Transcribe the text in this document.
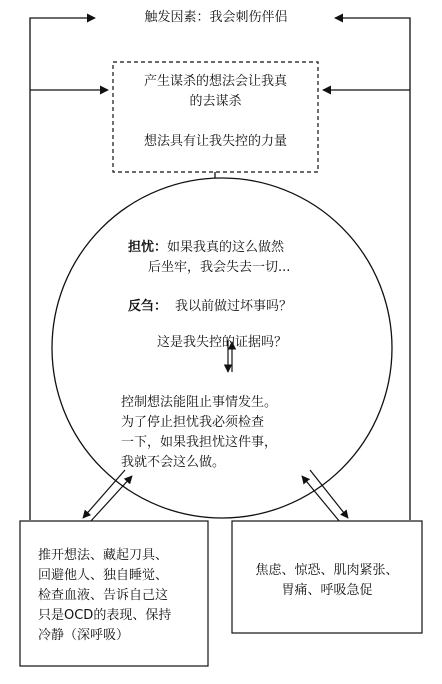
触发因素：我会刺伤伴侣
产生谋杀的想法会让我真
的去谋杀
想法具有让我失控的力量
担忧：如果我真的这么做然
后坐牢，我会失去一切...
反刍： 我以前做过坏事吗？
这是我失控的证据吗？
控制想法能阻止事情发生。
为了停止担忧我必须检查
一下，如果我担忧这件事，
我就不会这么做。
推开想法、藏起刀具、
回避他人、独自睡觉、
检查血液、告诉自己这
只是OCD的表现、保持
冷静（深呼吸）
焦虑、惊恐、肌肉紧张、
胃痛、呼吸急促
